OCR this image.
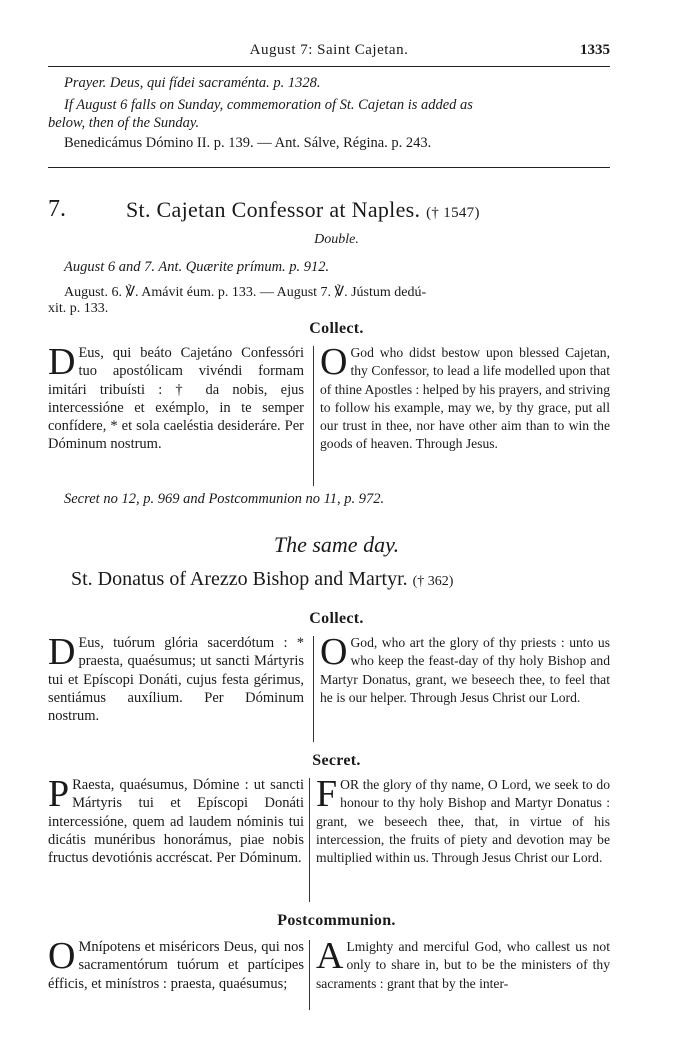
August 7: Saint Cajetan.	1335
Prayer. Deus, qui fídei sacraménta. p. 1328.
If August 6 falls on Sunday, commemoration of St. Cajetan is added as
below, then of the Sunday.
Benedicámus Dómino II. p. 139. — Ant. Sálve, Régina. p. 243.
7.	St. Cajetan Confessor at Naples. († 1547)
Double.
August 6 and 7. Ant. Quærite prímum. p. 912.
August. 6. ℣. Amávit éum. p. 133. — August 7. ℣. Jústum dedú-
xit. p. 133.
Collect.

D Eus, qui beáto Cajetáno Confessóri tuo apostólicam vivéndi formam imitári tribuísti : † da nobis, ejus intercessióne et exémplo, in te semper confídere, * et sola caeléstia desideráre. Per Dóminum nostrum.

O God who didst bestow upon blessed Cajetan, thy Confessor, to lead a life modelled upon that of thine Apostles : helped by his prayers, and striving to follow his example, may we, by thy grace, put all our trust in thee, nor have other aim than to win the goods of heaven. Through Jesus.

Secret no 12, p. 969 and Postcommunion no 11, p. 972.
The same day.
St. Donatus of Arezzo Bishop and Martyr. († 362)
Collect.

D Eus, tuórum glória sacerdótum : * praesta, quaésumus; ut sancti Mártyris tui et Epíscopi Donáti, cujus festa gérimus, sentiámus auxílium. Per Dóminum nostrum.

O God, who art the glory of thy priests : unto us who keep the feast-day of thy holy Bishop and Martyr Donatus, grant, we beseech thee, to feel that he is our helper. Through Jesus Christ our Lord.

Secret.

P Raesta, quaésumus, Dómine : ut sancti Mártyris tui et Epíscopi Donáti intercessióne, quem ad laudem nóminis tui dicátis munéribus honorámus, piae nobis fructus devotiónis accréscat. Per Dóminum.

FOR the glory of thy name, O Lord, we seek to do honour to thy holy Bishop and Martyr Donatus : grant, we beseech thee, that, in virtue of his intercession, the fruits of piety and devotion may be multiplied within us. Through Jesus Christ our Lord.

Postcommunion.

O Mnípotens et miséricors Deus, qui nos sacramentórum tuórum et partícipes éfficis, et minístros : praesta, quaésumus;

A Lmighty and merciful God, who callest us not only to share in, but to be the ministers of thy sacraments : grant that by the inter-
